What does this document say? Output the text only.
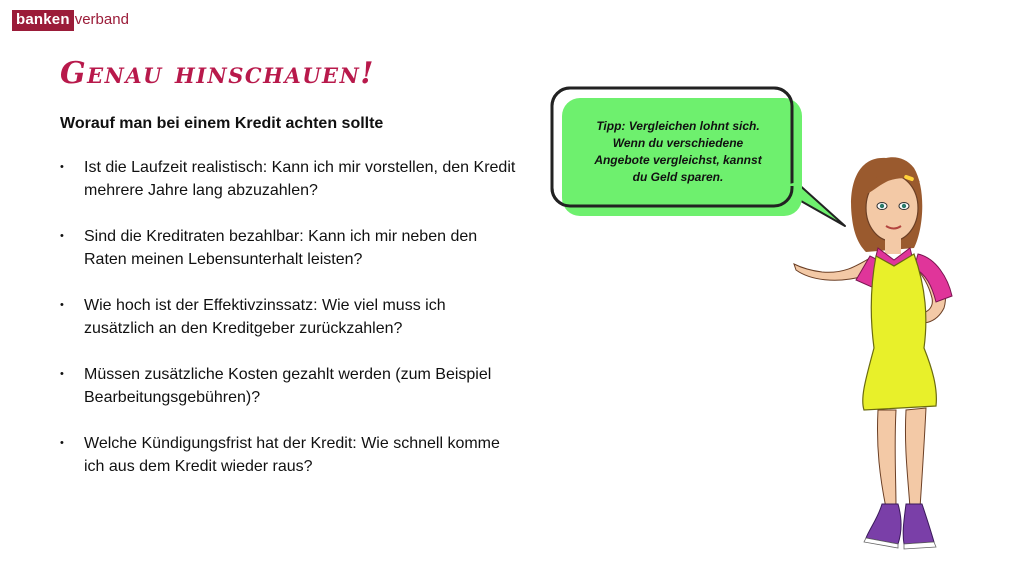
banken verband
Genau hinschauen!

Worauf man bei einem Kredit achten sollte

• Ist die Laufzeit realistisch: Kann ich mir vorstellen, den Kredit mehrere Jahre lang abzuzahlen?
• Sind die Kreditraten bezahlbar: Kann ich mir neben den Raten meinen Lebensunterhalt leisten?
• Wie hoch ist der Effektivzinssatz: Wie viel muss ich zusätzlich an den Kreditgeber zurückzahlen?
• Müssen zusätzliche Kosten gezahlt werden (zum Beispiel Bearbeitungsgebühren)?
• Welche Kündigungsfrist hat der Kredit: Wie schnell komme ich aus dem Kredit wieder raus?
Tipp: Vergleichen lohnt sich.
Wenn du verschiedene
Angebote vergleichst, kannst
du Geld sparen.
